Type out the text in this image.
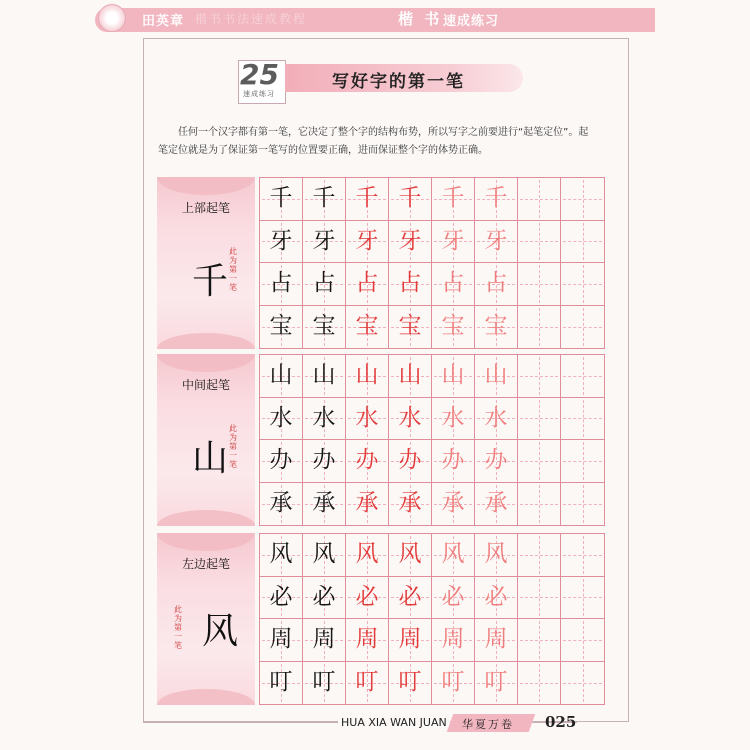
田英章 楷书书法速成教程	楷 书 速成练习
25
速成练习
写好字的第一笔
任何一个汉字都有第一笔，它决定了整个字的结构布势，所以写字之前要进行“起笔定位”。起笔定位就是为了保证第一笔写的位置要正确，进而保证整个字的体势正确。
上部起笔
千
此为第一笔
千 千 千 千 千 千
牙 牙 牙 牙 牙 牙
占 占 占 占 占 占
宝 宝 宝 宝 宝 宝
中间起笔
山
此为第一笔
山 山 山 山 山 山
水 水 水 水 水 水
办 办 办 办 办 办
承 承 承 承 承 承
左边起笔
风
此为第一笔
风 风 风 风 风 风
必 必 必 必 必 必
周 周 周 周 周 周
叮 叮 叮 叮 叮 叮
HUA XIA WAN JUAN 华夏万卷 025
